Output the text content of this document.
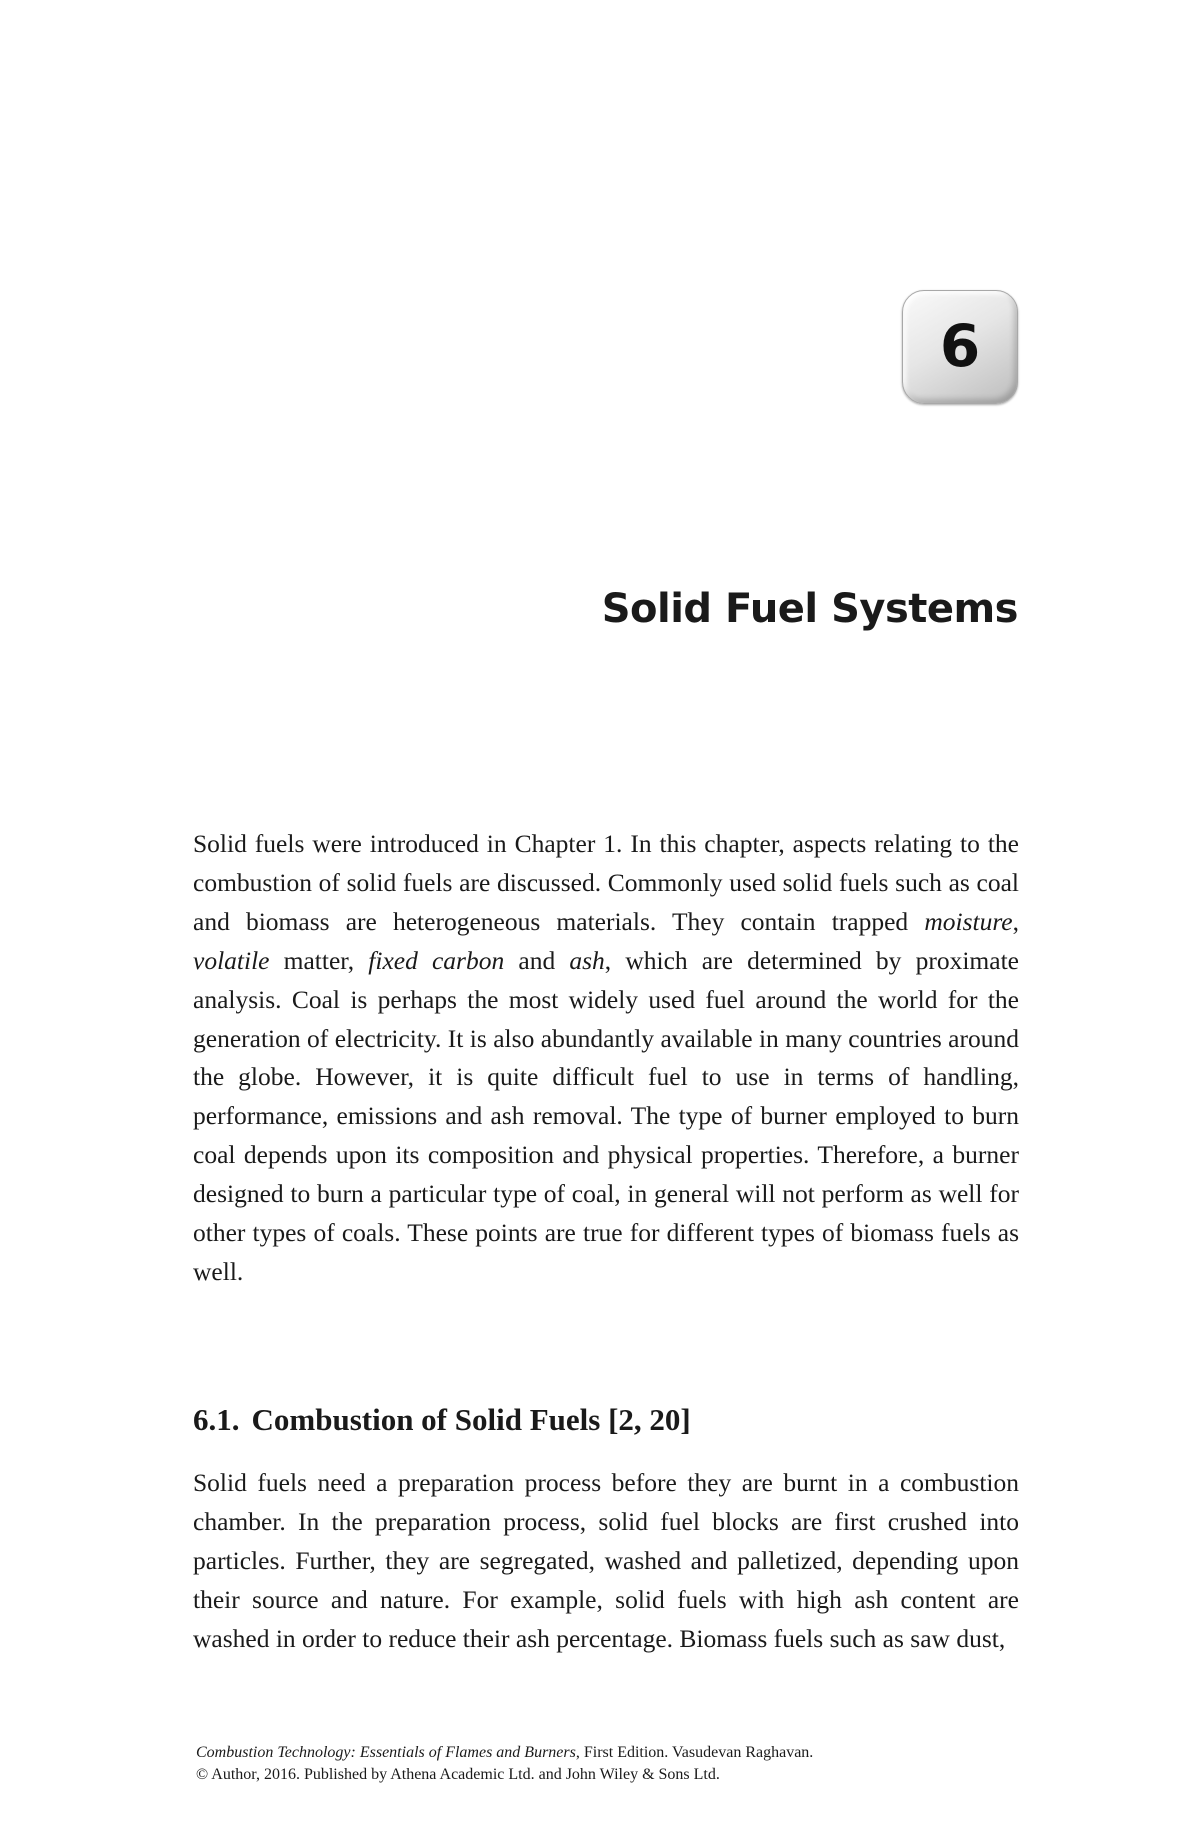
6
Solid Fuel Systems

Solid fuels were introduced in Chapter 1. In this chapter, aspects relating to the combustion of solid fuels are discussed. Commonly used solid fuels such as coal and biomass are heterogeneous materials. They contain trapped moisture, volatile matter, fixed carbon and ash, which are determined by proximate analysis. Coal is perhaps the most widely used fuel around the world for the generation of electricity. It is also abundantly available in many countries around the globe. However, it is quite difficult fuel to use in terms of handling, performance, emissions and ash removal. The type of burner employed to burn coal depends upon its composition and physical properties. Therefore, a burner designed to burn a particular type of coal, in general will not perform as well for other types of coals. These points are true for different types of biomass fuels as well.

6.1. Combustion of Solid Fuels [2, 20]

Solid fuels need a preparation process before they are burnt in a combustion chamber. In the preparation process, solid fuel blocks are first crushed into particles. Further, they are segregated, washed and palletized, depending upon their source and nature. For example, solid fuels with high ash content are washed in order to reduce their ash percentage. Biomass fuels such as saw dust,

Combustion Technology: Essentials of Flames and Burners, First Edition. Vasudevan Raghavan.
© Author, 2016. Published by Athena Academic Ltd. and John Wiley & Sons Ltd.
